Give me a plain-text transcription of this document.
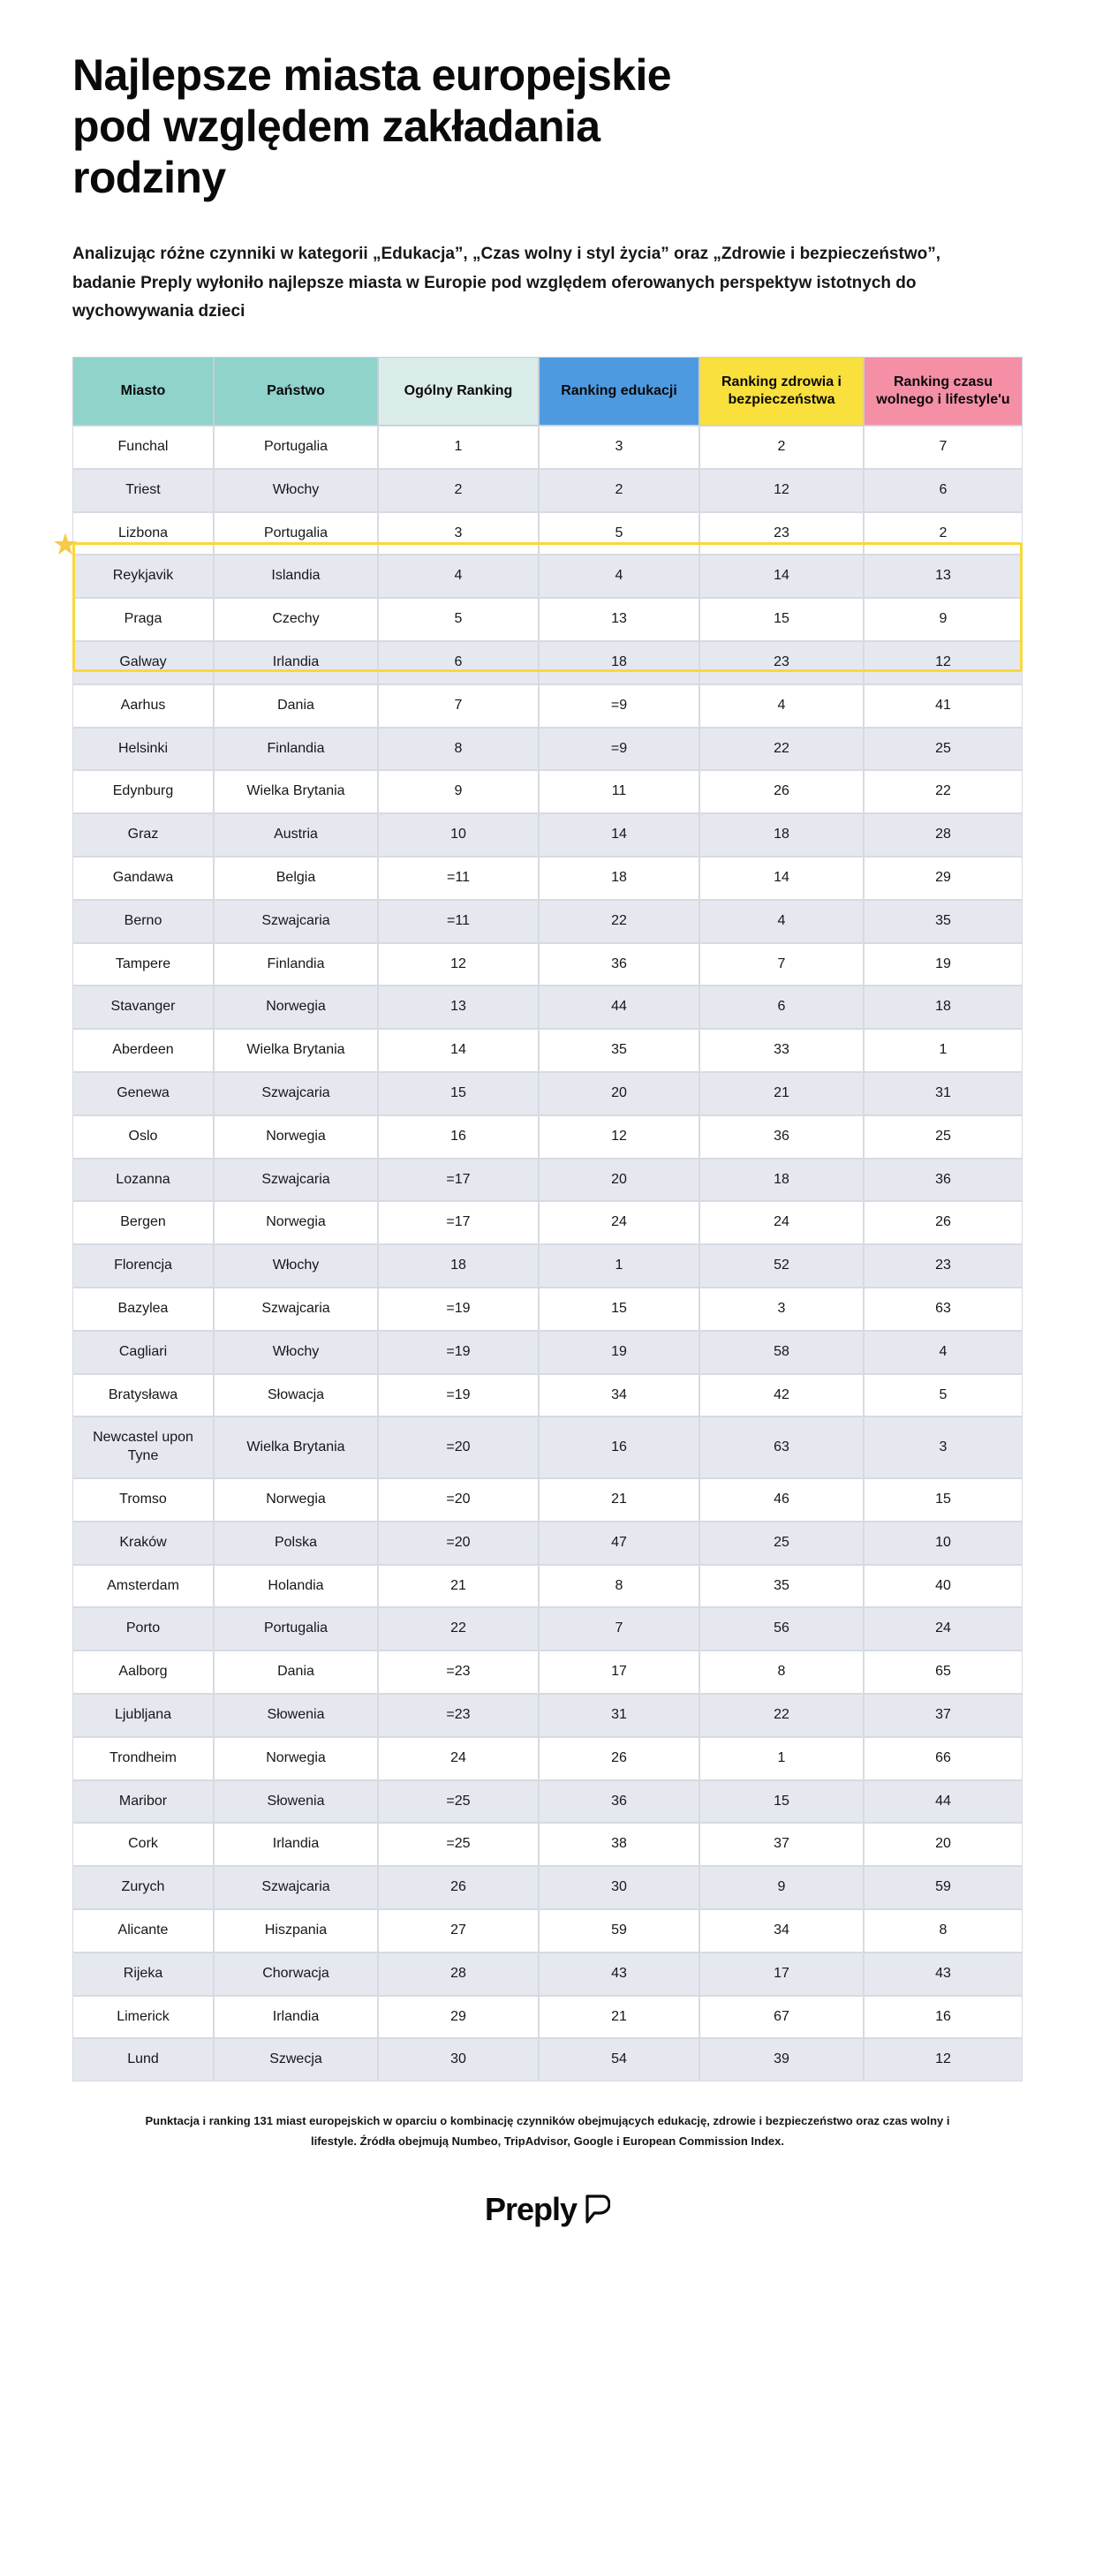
Najlepsze miasta europejskie pod względem zakładania rodziny

Analizując różne czynniki w kategorii „Edukacja”, „Czas wolny i styl życia” oraz „Zdrowie i bezpieczeństwo”, badanie Preply wyłoniło najlepsze miasta w Europie pod względem oferowanych perspektyw istotnych do wychowywania dzieci

★
Miasto	Państwo	Ogólny Ranking	Ranking edukacji	Ranking zdrowia i bezpieczeństwa	Ranking czasu wolnego i lifestyle'u
Funchal	Portugalia	1	3	2	7
Triest	Włochy	2	2	12	6
Lizbona	Portugalia	3	5	23	2
Reykjavik	Islandia	4	4	14	13
Praga	Czechy	5	13	15	9
Galway	Irlandia	6	18	23	12
Aarhus	Dania	7	=9	4	41
Helsinki	Finlandia	8	=9	22	25
Edynburg	Wielka Brytania	9	11	26	22
Graz	Austria	10	14	18	28
Gandawa	Belgia	=11	18	14	29
Berno	Szwajcaria	=11	22	4	35
Tampere	Finlandia	12	36	7	19
Stavanger	Norwegia	13	44	6	18
Aberdeen	Wielka Brytania	14	35	33	1
Genewa	Szwajcaria	15	20	21	31
Oslo	Norwegia	16	12	36	25
Lozanna	Szwajcaria	=17	20	18	36
Bergen	Norwegia	=17	24	24	26
Florencja	Włochy	18	1	52	23
Bazylea	Szwajcaria	=19	15	3	63
Cagliari	Włochy	=19	19	58	4
Bratysława	Słowacja	=19	34	42	5
Newcastel upon Tyne	Wielka Brytania	=20	16	63	3
Tromso	Norwegia	=20	21	46	15
Kraków	Polska	=20	47	25	10
Amsterdam	Holandia	21	8	35	40
Porto	Portugalia	22	7	56	24
Aalborg	Dania	=23	17	8	65
Ljubljana	Słowenia	=23	31	22	37
Trondheim	Norwegia	24	26	1	66
Maribor	Słowenia	=25	36	15	44
Cork	Irlandia	=25	38	37	20
Zurych	Szwajcaria	26	30	9	59
Alicante	Hiszpania	27	59	34	8
Rijeka	Chorwacja	28	43	17	43
Limerick	Irlandia	29	21	67	16
Lund	Szwecja	30	54	39	12

Punktacja i ranking 131 miast europejskich w oparciu o kombinację czynników obejmujących edukację, zdrowie i bezpieczeństwo oraz czas wolny i lifestyle. Źródła obejmują Numbeo, TripAdvisor, Google i European Commission Index.

Preply
